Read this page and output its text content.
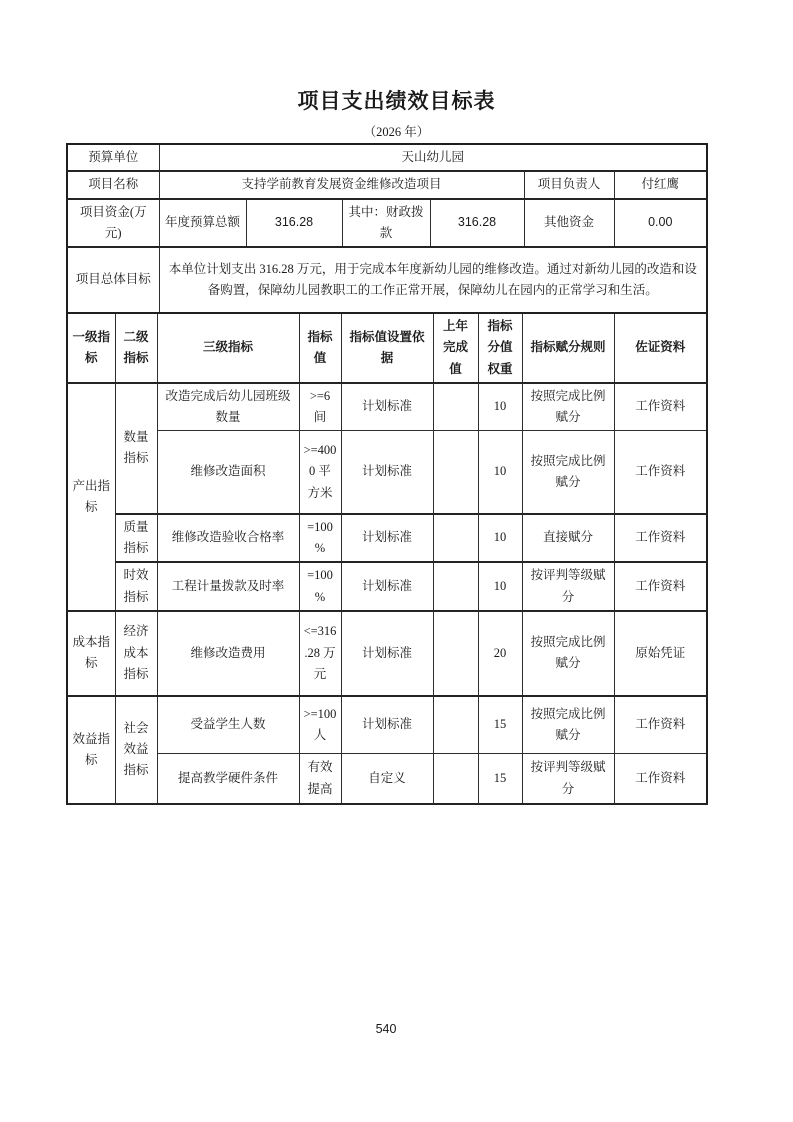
项目支出绩效目标表
（2026 年）
预算单位	天山幼儿园					
项目名称	支持学前教育发展资金维修改造项目				项目负责人	付红鹰
项目资金(万元)	年度预算总额	316.28	其中：财政拨款	316.28	其他资金	0.00
项目总体目标	本单位计划支出 316.28 万元，用于完成本年度新幼儿园的维修改造。通过对新幼儿园的改造和设备购置，保障幼儿园教职工的工作正常开展，保障幼儿在园内的正常学习和生活。					
一级指标	二级指标	三级指标	指标值	指标值设置依据	上年完成值	指标分值权重	指标赋分规则	佐证资料
产出指标	数量指标	改造完成后幼儿园班级数量	>=6 间	计划标准		10	按照完成比例赋分	工作资料
		维修改造面积	>=4000 平方米	计划标准		10	按照完成比例赋分	工作资料
	质量指标	维修改造验收合格率	=100%	计划标准		10	直接赋分	工作资料
	时效指标	工程计量拨款及时率	=100%	计划标准		10	按评判等级赋分	工作资料
成本指标	经济成本指标	维修改造费用	<=316.28 万元	计划标准		20	按照完成比例赋分	原始凭证
效益指标	社会效益指标	受益学生人数	>=100 人	计划标准		15	按照完成比例赋分	工作资料
		提高教学硬件条件	有效提高	自定义		15	按评判等级赋分	工作资料
540
